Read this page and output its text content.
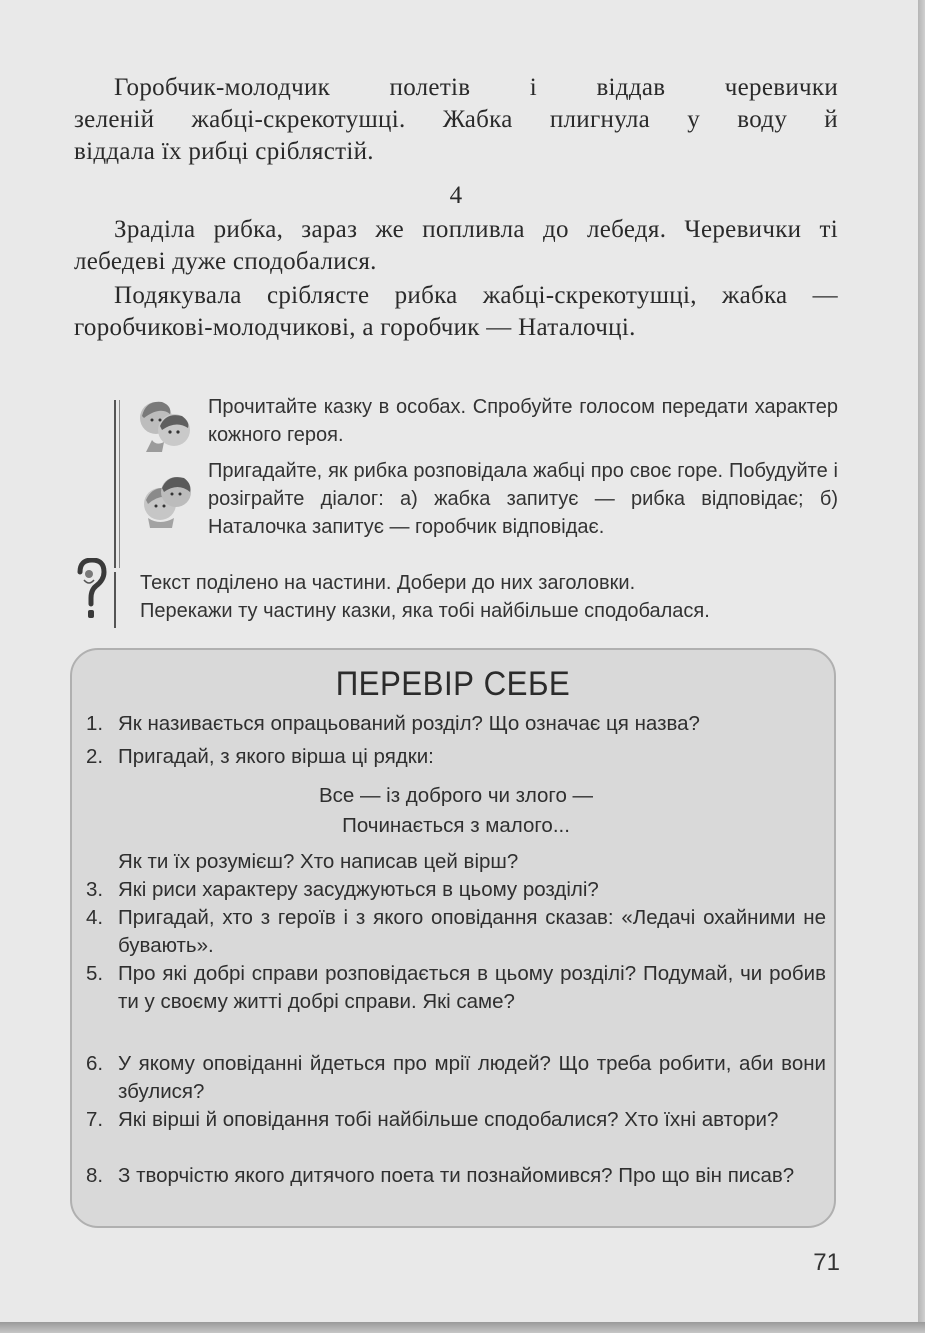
Горобчик-молодчик полетів і віддав черевички
зеленій жабці-скрекотушці. Жабка плигнула у воду й
віддала їх рибці сріблястій.
4
Зраділа рибка, зараз же попливла до лебедя. Черевички ті лебедеві дуже сподобалися.
Подякувала сріблясте рибка жабці-скрекотушці, жабка — горобчикові-молодчикові, а горобчик — Наталочці.
Прочитайте казку в особах. Спробуйте голосом передати характер кожного героя.
Пригадайте, як рибка розповідала жабці про своє горе. Побудуйте і розіграйте діалог: а) жабка запитує — рибка відповідає; б) Наталочка запитує — горобчик відповідає.
Текст поділено на частини. Добери до них заголовки.
Перекажи ту частину казки, яка тобі найбільше сподобалася.
ПЕРЕВІР СЕБЕ
1. Як називається опрацьований розділ? Що означає ця назва?
2. Пригадай, з якого вірша ці рядки:
Все — із доброго чи злого —
Починається з малого...
Як ти їх розумієш? Хто написав цей вірш?
3. Які риси характеру засуджуються в цьому розділі?
4. Пригадай, хто з героїв і з якого оповідання сказав: «Ледачі охайними не бувають».
5. Про які добрі справи розповідається в цьому розділі? Подумай, чи робив ти у своєму житті добрі справи. Які саме?
6. У якому оповіданні йдеться про мрії людей? Що треба робити, аби вони збулися?
7. Які вірші й оповідання тобі найбільше сподобалися? Хто їхні автори?
8. З творчістю якого дитячого поета ти познайомився? Про що він писав?
71
